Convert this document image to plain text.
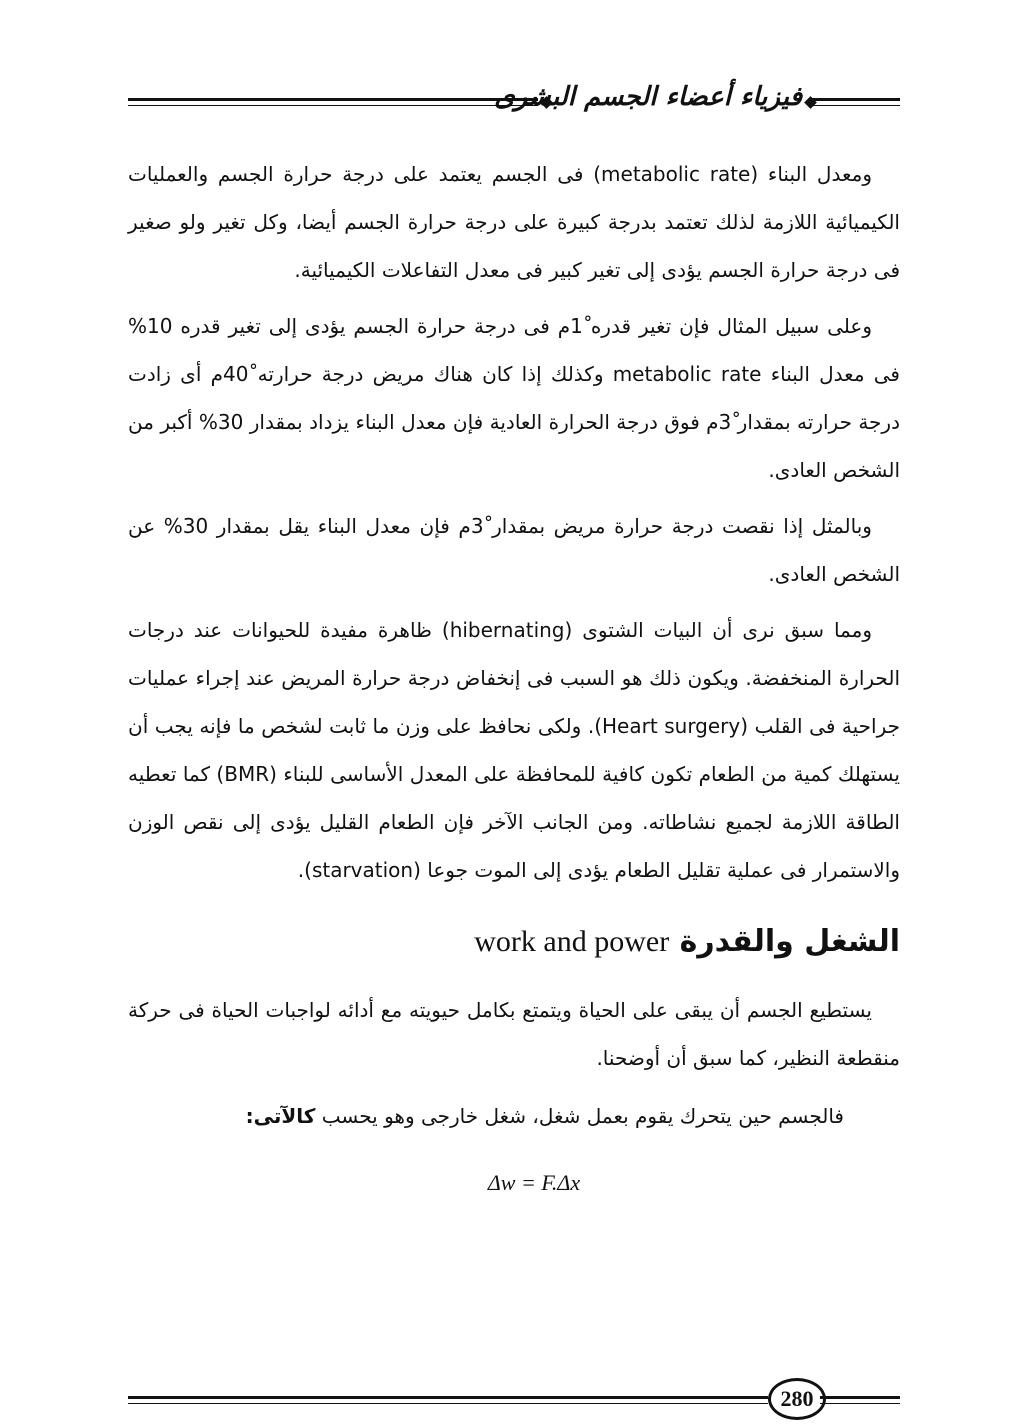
فيزياء أعضاء الجسم البشرى

ومعدل البناء (metabolic rate) فى الجسم يعتمد على درجة حرارة الجسم والعمليات الكيميائية اللازمة لذلك تعتمد بدرجة كبيرة على درجة حرارة الجسم أيضا، وكل تغير ولو صغير فى درجة حرارة الجسم يؤدى إلى تغير كبير فى معدل التفاعلات الكيميائية.

وعلى سبيل المثال فإن تغير قدره 1ْم فى درجة حرارة الجسم يؤدى إلى تغير قدره 10% فى معدل البناء metabolic rate وكذلك إذا كان هناك مريض درجة حرارته 40ْم أى زادت درجة حرارته بمقدار 3ْم فوق درجة الحرارة العادية فإن معدل البناء يزداد بمقدار 30% أكبر من الشخص العادى.

وبالمثل إذا نقصت درجة حرارة مريض بمقدار 3ْم فإن معدل البناء يقل بمقدار 30% عن الشخص العادى.

ومما سبق نرى أن البيات الشتوى (hibernating) ظاهرة مفيدة للحيوانات عند درجات الحرارة المنخفضة. ويكون ذلك هو السبب فى إنخفاض درجة حرارة المريض عند إجراء عمليات جراحية فى القلب (Heart surgery). ولكى نحافظ على وزن ما ثابت لشخص ما فإنه يجب أن يستهلك كمية من الطعام تكون كافية للمحافظة على المعدل الأساسى للبناء (BMR) كما تعطيه الطاقة اللازمة لجميع نشاطاته. ومن الجانب الآخر فإن الطعام القليل يؤدى إلى نقص الوزن والاستمرار فى عملية تقليل الطعام يؤدى إلى الموت جوعا (starvation).

الشغل والقدرة work and power

يستطيع الجسم أن يبقى على الحياة ويتمتع بكامل حيويته مع أدائه لواجبات الحياة فى حركة منقطعة النظير، كما سبق أن أوضحنا.

فالجسم حين يتحرك يقوم بعمل شغل، شغل خارجى وهو يحسب كالآتى:
Δw = F.Δx
280
